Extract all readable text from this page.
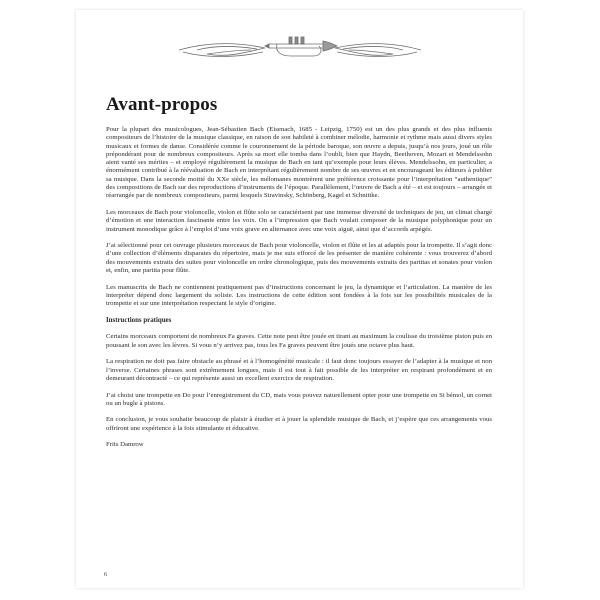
Avant-propos

Pour la plupart des musicologues, Jean-Sébastien Bach (Eisenach, 1685 - Leipzig, 1750) est un des plus grands et des plus influents compositeurs de l’histoire de la musique classique, en raison de son habileté à combiner mélodie, harmonie et rythme mais aussi divers styles musicaux et formes de danse. Considérée comme le couronnement de la période baroque, son œuvre a depuis, jusqu’à nos jours, joué un rôle prépondérant pour de nombreux compositeurs. Après sa mort elle tomba dans l’oubli, bien que Haydn, Beethoven, Mozart et Mendelssohn aient vanté ses mérites – et employé régulièrement la musique de Bach en tant qu’exemple pour leurs élèves. Mendelssohn, en particulier, a énormément contribué à la réévaluation de Bach en interprétant régulièrement nombre de ses œuvres et en encourageant les éditeurs à publier sa musique. Dans la seconde moitié du XXe siècle, les mélomanes montrèrent une préférence croissante pour l’interprétation “authentique” des compositions de Bach sur des reproductions d’instruments de l’époque. Parallèlement, l’œuvre de Bach a été – et est toujours – arrangée et réarrangée par de nombreux compositeurs, parmi lesquels Stravinsky, Schönberg, Kagel et Schnittke.

Les morceaux de Bach pour violoncelle, violon et flûte solo se caractérisent par une immense diversité de techniques de jeu, un climat chargé d’émotion et une interaction fascinante entre les voix. On a l’impression que Bach voulait composer de la musique polyphonique pour un instrument monodique grâce à l’emploi d’une voix grave en alternance avec une voix aiguë, ainsi que d’accords arpégés.

J’ai sélectionné pour cet ouvrage plusieurs morceaux de Bach pour violoncelle, violon et flûte et les ai adaptés pour la trompette. Il s’agit donc d’une collection d’éléments disparates du répertoire, mais je me suis efforcé de les présenter de manière cohérente : vous trouverez d’abord des mouvements extraits des suites pour violoncelle en ordre chronologique, puis des mouvements extraits des partitas et sonates pour violon et, enfin, une partita pour flûte.

Les manuscrits de Bach ne contiennent pratiquement pas d’instructions concernant le jeu, la dynamique et l’articulation. La manière de les interpréter dépend donc largement du soliste. Les instructions de cette édition sont fondées à la fois sur les possibilités musicales de la trompette et sur une interprétation respectant le style d’origine.

Instructions pratiques

Certains morceaux comportent de nombreux Fa graves. Cette note peut être jouée en tirant au maximum la coulisse du troisième piston puis en poussant le son avec les lèvres. Si vous n’y arrivez pas, tous les Fa graves peuvent être joués une octave plus haut.

La respiration ne doit pas faire obstacle au phrasé et à l’homogénéité musicale : il faut donc toujours essayer de l’adapter à la musique et non l’inverse. Certaines phrases sont extrêmement longues, mais il est tout à fait possible de les interpréter en respirant profondément et en demeurant décontracté – ce qui représente aussi un excellent exercice de respiration.

J’ai choisi une trompette en Do pour l’enregistrement du CD, mais vous pouvez naturellement opter pour une trompette en Si bémol, un cornet ou un bugle à pistons.

En conclusion, je vous souhaite beaucoup de plaisir à étudier et à jouer la splendide musique de Bach, et j’espère que ces arrangements vous offriront une expérience à la fois stimulante et éducative.

Frits Damrow

6
